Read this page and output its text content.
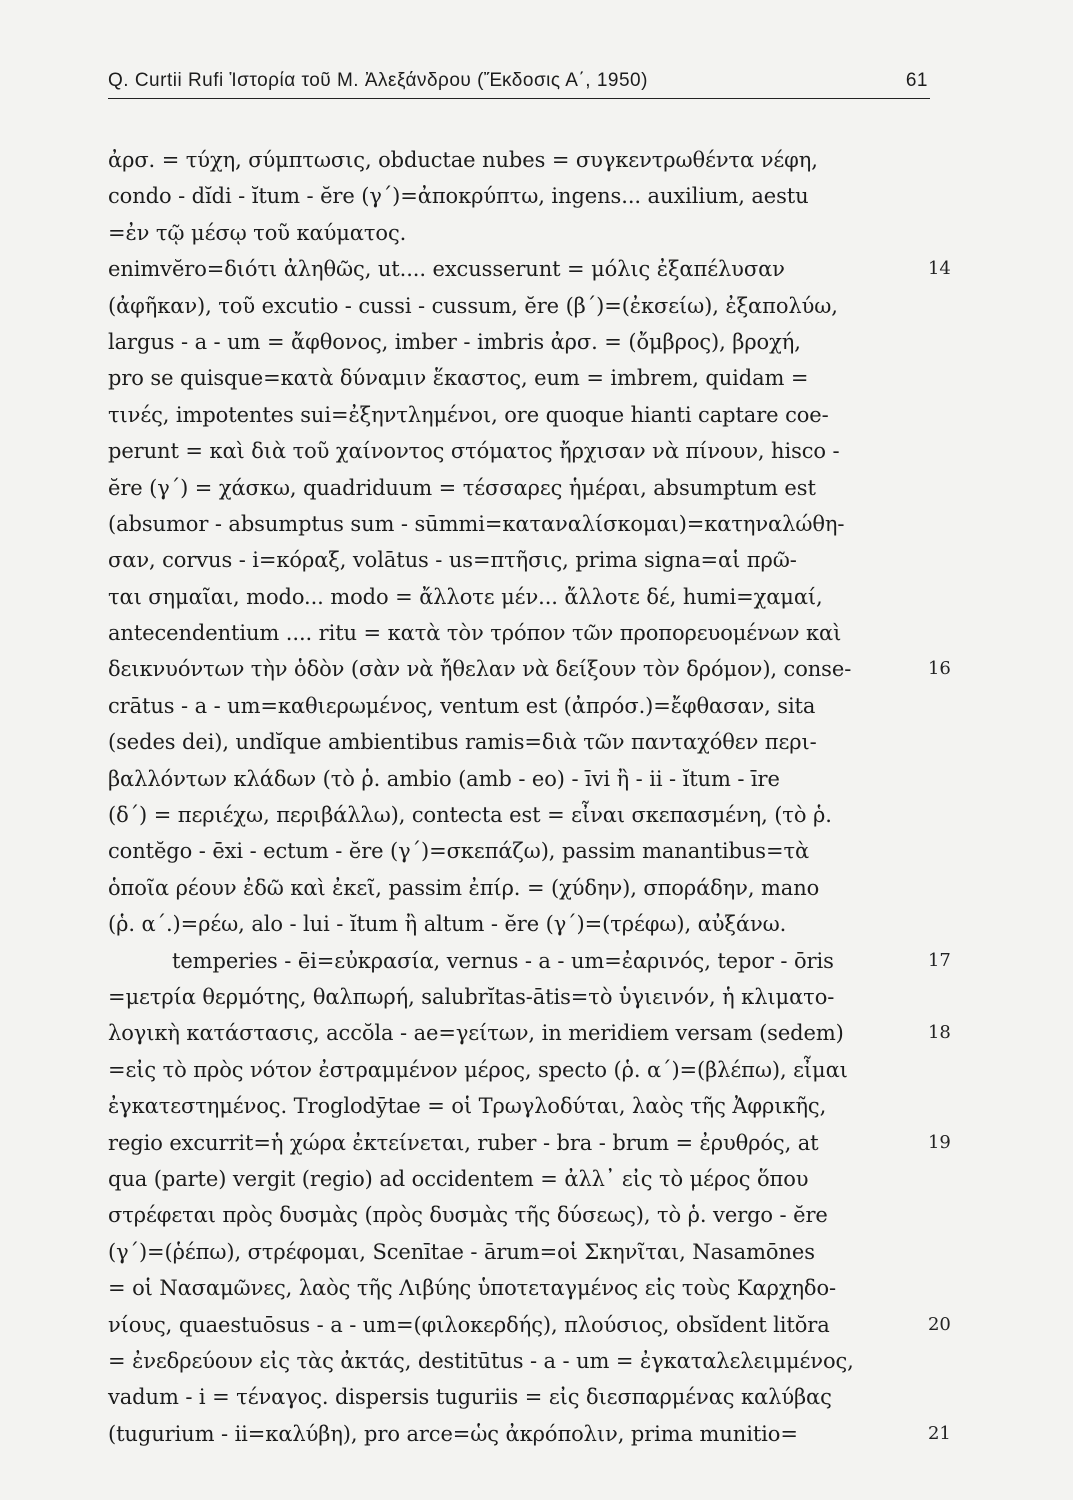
Q. Curtii Rufi Ἱστορία τοῦ Μ. Ἀλεξάνδρου (Ἔκδοσις Α΄, 1950)	61
ἀρσ. = τύχη, σύμπτωσις, obductae nubes = συγκεντρωθέντα νέφη,
condo - dĭdi - ĭtum - ĕre (γ΄)=ἀποκρύπτω, ingens... auxilium, aestu
=ἐν τῷ μέσῳ τοῦ καύματος.
enimvĕro=διότι ἀληθῶς, ut.... excusserunt = μόλις ἐξαπέλυσαν	14
(ἀφῆκαν), τοῦ excutio - cussi - cussum, ĕre (β΄)=(ἐκσείω), ἐξαπολύω,
largus - a - um = ἄφθονος, imber - imbris ἀρσ. = (ὄμβρος), βροχή,
pro se quisque=κατὰ δύναμιν ἕκαστος, eum = imbrem, quidam =
τινές, impotentes sui=ἐξηντλημένοι, ore quoque hianti captare coe-
perunt = καὶ διὰ τοῦ χαίνοντος στόματος ἤρχισαν νὰ πίνουν, hisco -
ĕre (γ΄) = χάσκω, quadriduum = τέσσαρες ἡμέραι, absumptum est
(absumor - absumptus sum - sūmmi=καταναλίσκομαι)=κατηναλώθη-
σαν, corvus - i=κόραξ, volātus - us=πτῆσις, prima signa=αἱ πρῶ-
ται σημαῖαι, modo... modo = ἄλλοτε μέν... ἄλλοτε δέ, humi=χαμαί,
antecendentium .... ritu = κατὰ τὸν τρόπον τῶν προπορευομένων καὶ
δεικνυόντων τὴν ὁδὸν (σὰν νὰ ἤθελαν νὰ δείξουν τὸν δρόμον), conse-	16
crātus - a - um=καθιερωμένος, ventum est (ἀπρόσ.)=ἔφθασαν, sita
(sedes dei), undĭque ambientibus ramis=διὰ τῶν πανταχόθεν περι-
βαλλόντων κλάδων (τὸ ῥ. ambio (amb - eo) - īvi ἢ - ii - ĭtum - īre
(δ΄) = περιέχω, περιβάλλω), contecta est = εἶναι σκεπασμένη, (τὸ ῥ.
contĕgo - ēxi - ectum - ĕre (γ΄)=σκεπάζω), passim manantibus=τὰ
ὁποῖα ρέουν ἐδῶ καὶ ἐκεῖ, passim ἐπίρ. = (χύδην), σποράδην, mano
(ῥ. α΄.)=ρέω, alo - lui - ĭtum ἢ altum - ĕre (γ΄)=(τρέφω), αὐξάνω.
temperies - ēi=εὐκρασία, vernus - a - um=ἐαρινός, tepor - ōris	17
=μετρία θερμότης, θαλπωρή, salubrĭtas-ātis=τὸ ὑγιεινόν, ἡ κλιματο-
λογικὴ κατάστασις, accŏla - ae=γείτων, in meridiem versam (sedem)	18
=εἰς τὸ πρὸς νότον ἐστραμμένον μέρος, specto (ῥ. α΄)=(βλέπω), εἶμαι
ἐγκατεστημένος. Troglodȳtae = οἱ Τρωγλοδύται, λαὸς τῆς Ἀφρικῆς,
regio excurrit=ἡ χώρα ἐκτείνεται, ruber - bra - brum = ἐρυθρός, at	19
qua (parte) vergit (regio) ad occidentem = ἀλλ᾿ εἰς τὸ μέρος ὅπου
στρέφεται πρὸς δυσμὰς (πρὸς δυσμὰς τῆς δύσεως), τὸ ῥ. vergo - ĕre
(γ΄)=(ῥέπω), στρέφομαι, Scenītae - ārum=οἱ Σκηνῖται, Nasamōnes
= οἱ Νασαμῶνες, λαὸς τῆς Λιβύης ὑποτεταγμένος εἰς τοὺς Καρχηδο-
νίους, quaestuōsus - a - um=(φιλοκερδής), πλούσιος, obsĭdent litŏra	20
= ἐνεδρεύουν εἰς τὰς ἀκτάς, destitūtus - a - um = ἐγκαταλελειμμένος,
vadum - i = τέναγος. dispersis tuguriis = εἰς διεσπαρμένας καλύβας
(tugurium - ii=καλύβη), pro arce=ὡς ἀκρόπολιν, prima munitio=	21
